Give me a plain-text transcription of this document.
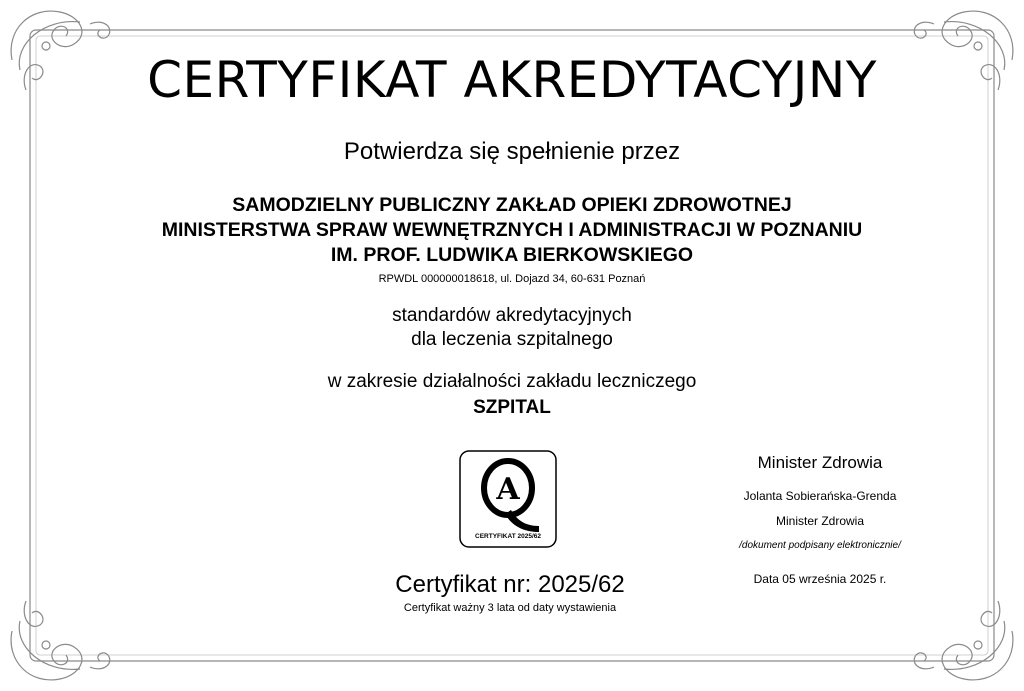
CERTYFIKAT AKREDYTACYJNY
Potwierdza się spełnienie przez
SAMODZIELNY PUBLICZNY ZAKŁAD OPIEKI ZDROWOTNEJ
MINISTERSTWA SPRAW WEWNĘTRZNYCH I ADMINISTRACJI W POZNANIU
IM. PROF. LUDWIKA BIERKOWSKIEGO
RPWDL 000000018618, ul. Dojazd 34, 60-631 Poznań
standardów akredytacyjnych
dla leczenia szpitalnego
w zakresie działalności zakładu leczniczego
SZPITAL
A
CERTYFIKAT 2025/62
Certyfikat nr: 2025/62
Certyfikat ważny 3 lata od daty wystawienia
Minister Zdrowia
Jolanta Sobierańska-Grenda
Minister Zdrowia
/dokument podpisany elektronicznie/
Data 05 września 2025 r.
